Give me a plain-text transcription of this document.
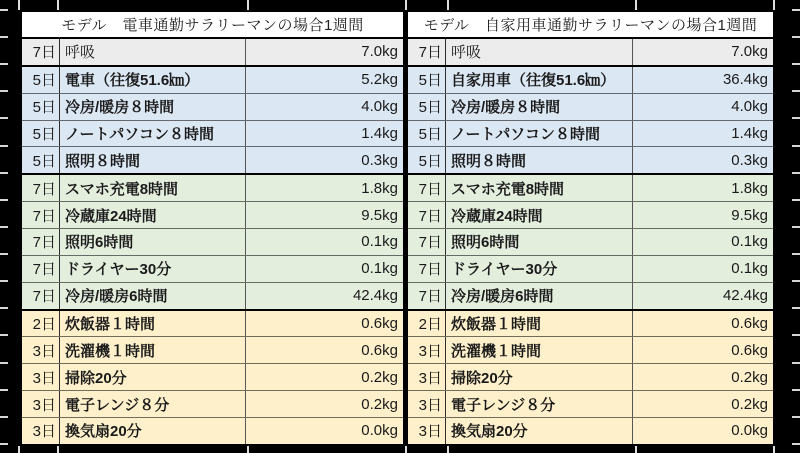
モデル　電車通勤サラリーマンの場合1週間
7日 呼吸	7.0kg
5日 電車（往復51.6㎞）	5.2kg
5日 冷房/暖房８時間	4.0kg
5日 ノートパソコン８時間	1.4kg
5日 照明８時間	0.3kg
7日 スマホ充電8時間	1.8kg
7日 冷蔵庫24時間	9.5kg
7日 照明6時間	0.1kg
7日 ドライヤー30分	0.1kg
7日 冷房/暖房6時間	42.4kg
2日 炊飯器１時間	0.6kg
3日 洗濯機１時間	0.6kg
3日 掃除20分	0.2kg
3日 電子レンジ８分	0.2kg
3日 換気扇20分	0.0kg
モデル　自家用車通勤サラリーマンの場合1週間
7日 呼吸	7.0kg
5日 自家用車（往復51.6㎞）	36.4kg
5日 冷房/暖房８時間	4.0kg
5日 ノートパソコン８時間	1.4kg
5日 照明８時間	0.3kg
7日 スマホ充電8時間	1.8kg
7日 冷蔵庫24時間	9.5kg
7日 照明6時間	0.1kg
7日 ドライヤー30分	0.1kg
7日 冷房/暖房6時間	42.4kg
2日 炊飯器１時間	0.6kg
3日 洗濯機１時間	0.6kg
3日 掃除20分	0.2kg
3日 電子レンジ８分	0.2kg
3日 換気扇20分	0.0kg
